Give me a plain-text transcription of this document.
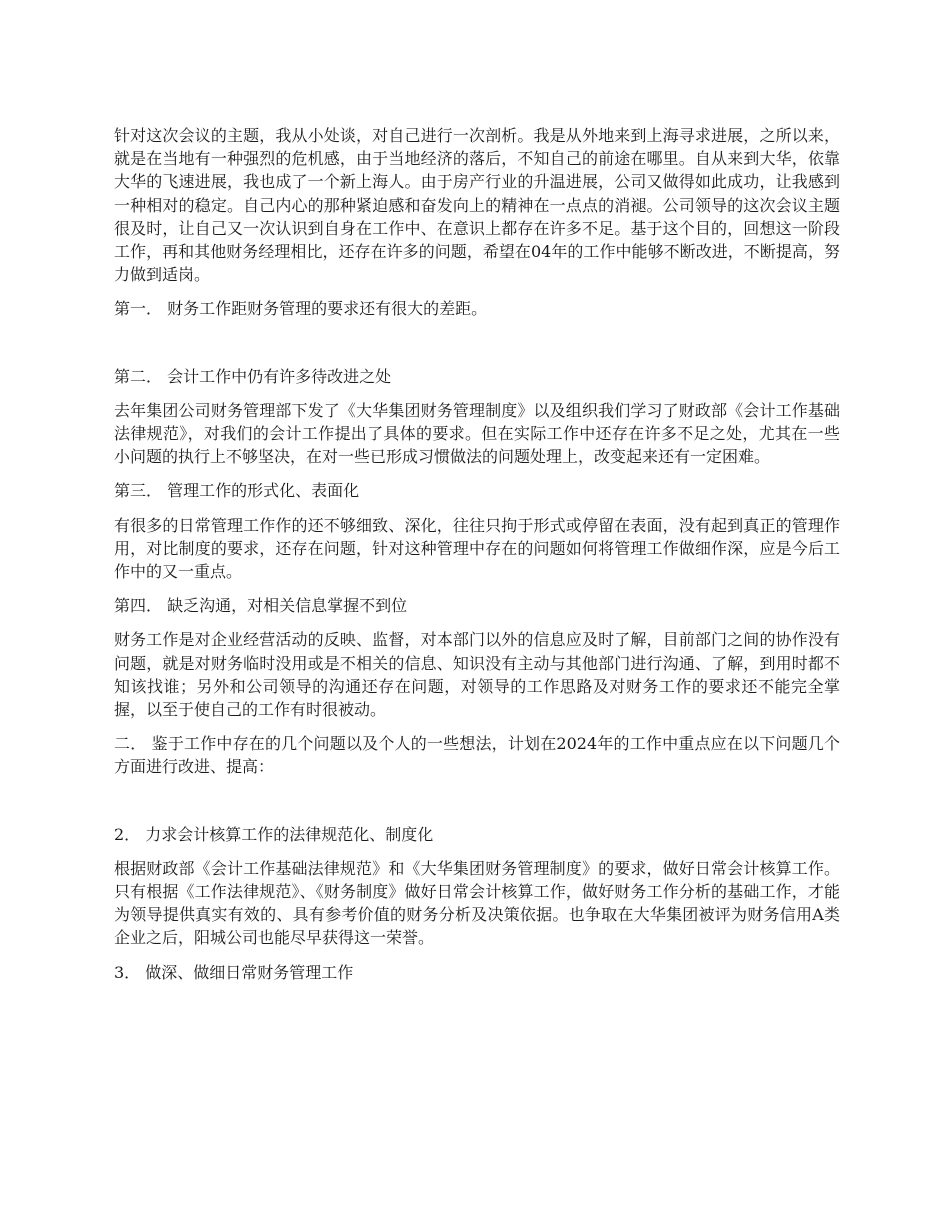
针对这次会议的主题，我从小处谈，对自己进行一次剖析。我是从外地来到上海寻求进展，之所以来，就是在当地有一种强烈的危机感，由于当地经济的落后，不知自己的前途在哪里。自从来到大华，依靠大华的飞速进展，我也成了一个新上海人。由于房产行业的升温进展，公司又做得如此成功，让我感到一种相对的稳定。自己内心的那种紧迫感和奋发向上的精神在一点点的消褪。公司领导的这次会议主题很及时，让自己又一次认识到自身在工作中、在意识上都存在许多不足。基于这个目的，回想这一阶段工作，再和其他财务经理相比，还存在许多的问题，希望在04年的工作中能够不断改进，不断提高，努力做到适岗。

第一． 财务工作距财务管理的要求还有很大的差距。

第二． 会计工作中仍有许多待改进之处

去年集团公司财务管理部下发了《大华集团财务管理制度》以及组织我们学习了财政部《会计工作基础法律规范》，对我们的会计工作提出了具体的要求。但在实际工作中还存在许多不足之处，尤其在一些小问题的执行上不够坚决，在对一些已形成习惯做法的问题处理上，改变起来还有一定困难。

第三． 管理工作的形式化、表面化

有很多的日常管理工作作的还不够细致、深化，往往只拘于形式或停留在表面，没有起到真正的管理作用，对比制度的要求，还存在问题，针对这种管理中存在的问题如何将管理工作做细作深，应是今后工作中的又一重点。

第四． 缺乏沟通，对相关信息掌握不到位

财务工作是对企业经营活动的反映、监督，对本部门以外的信息应及时了解，目前部门之间的协作没有问题，就是对财务临时没用或是不相关的信息、知识没有主动与其他部门进行沟通、了解，到用时都不知该找谁；另外和公司领导的沟通还存在问题，对领导的工作思路及对财务工作的要求还不能完全掌握，以至于使自己的工作有时很被动。

二． 鉴于工作中存在的几个问题以及个人的一些想法，计划在2024年的工作中重点应在以下问题几个方面进行改进、提高：

2． 力求会计核算工作的法律规范化、制度化

根据财政部《会计工作基础法律规范》和《大华集团财务管理制度》的要求，做好日常会计核算工作。只有根据《工作法律规范》、《财务制度》做好日常会计核算工作，做好财务工作分析的基础工作，才能为领导提供真实有效的、具有参考价值的财务分析及决策依据。也争取在大华集团被评为财务信用A类企业之后，阳城公司也能尽早获得这一荣誉。

3． 做深、做细日常财务管理工作
